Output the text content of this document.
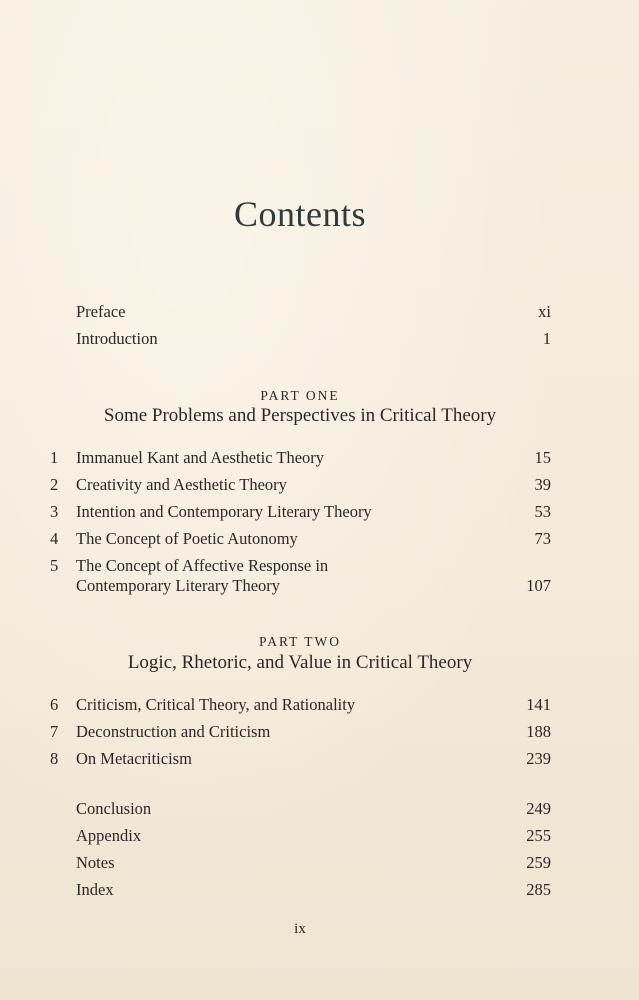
Contents
Preface	xi
Introduction	1
PART ONE
Some Problems and Perspectives in Critical Theory
1	Immanuel Kant and Aesthetic Theory	15
2	Creativity and Aesthetic Theory	39
3	Intention and Contemporary Literary Theory	53
4	The Concept of Poetic Autonomy	73
5	The Concept of Affective Response in
Contemporary Literary Theory	107
PART TWO
Logic, Rhetoric, and Value in Critical Theory
6	Criticism, Critical Theory, and Rationality	141
7	Deconstruction and Criticism	188
8	On Metacriticism	239
Conclusion	249
Appendix	255
Notes	259
Index	285
ix
